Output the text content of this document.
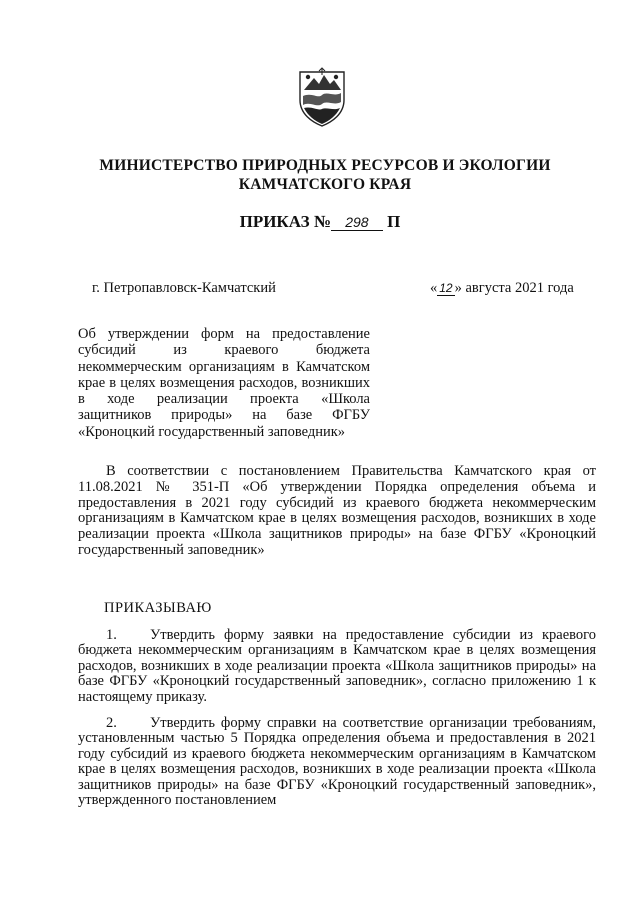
МИНИСТЕРСТВО ПРИРОДНЫХ РЕСУРСОВ И ЭКОЛОГИИ
КАМЧАТСКОГО КРАЯ
ПРИКАЗ № 298 П
г. Петропавловск-Камчатский	« 12 » августа 2021 года

Об утверждении форм на предоставление субсидий из краевого бюджета некоммерческим организациям в Камчатском крае в целях возмещения расходов, возникших в ходе реализации проекта «Школа защитников природы» на базе ФГБУ «Кроноцкий государственный заповедник»

В соответствии с постановлением Правительства Камчатского края от 11.08.2021 № 351-П «Об утверждении Порядка определения объема и предоставления в 2021 году субсидий из краевого бюджета некоммерческим организациям в Камчатском крае в целях возмещения расходов, возникших в ходе реализации проекта «Школа защитников природы» на базе ФГБУ «Кроноцкий государственный заповедник»

ПРИКАЗЫВАЮ

1. Утвердить форму заявки на предоставление субсидии из краевого бюджета некоммерческим организациям в Камчатском крае в целях возмещения расходов, возникших в ходе реализации проекта «Школа защитников природы» на базе ФГБУ «Кроноцкий государственный заповедник», согласно приложению 1 к настоящему приказу.

2. Утвердить форму справки на соответствие организации требованиям, установленным частью 5 Порядка определения объема и предоставления в 2021 году субсидий из краевого бюджета некоммерческим организациям в Камчатском крае в целях возмещения расходов, возникших в ходе реализации проекта «Школа защитников природы» на базе ФГБУ «Кроноцкий государственный заповедник», утвержденного постановлением
